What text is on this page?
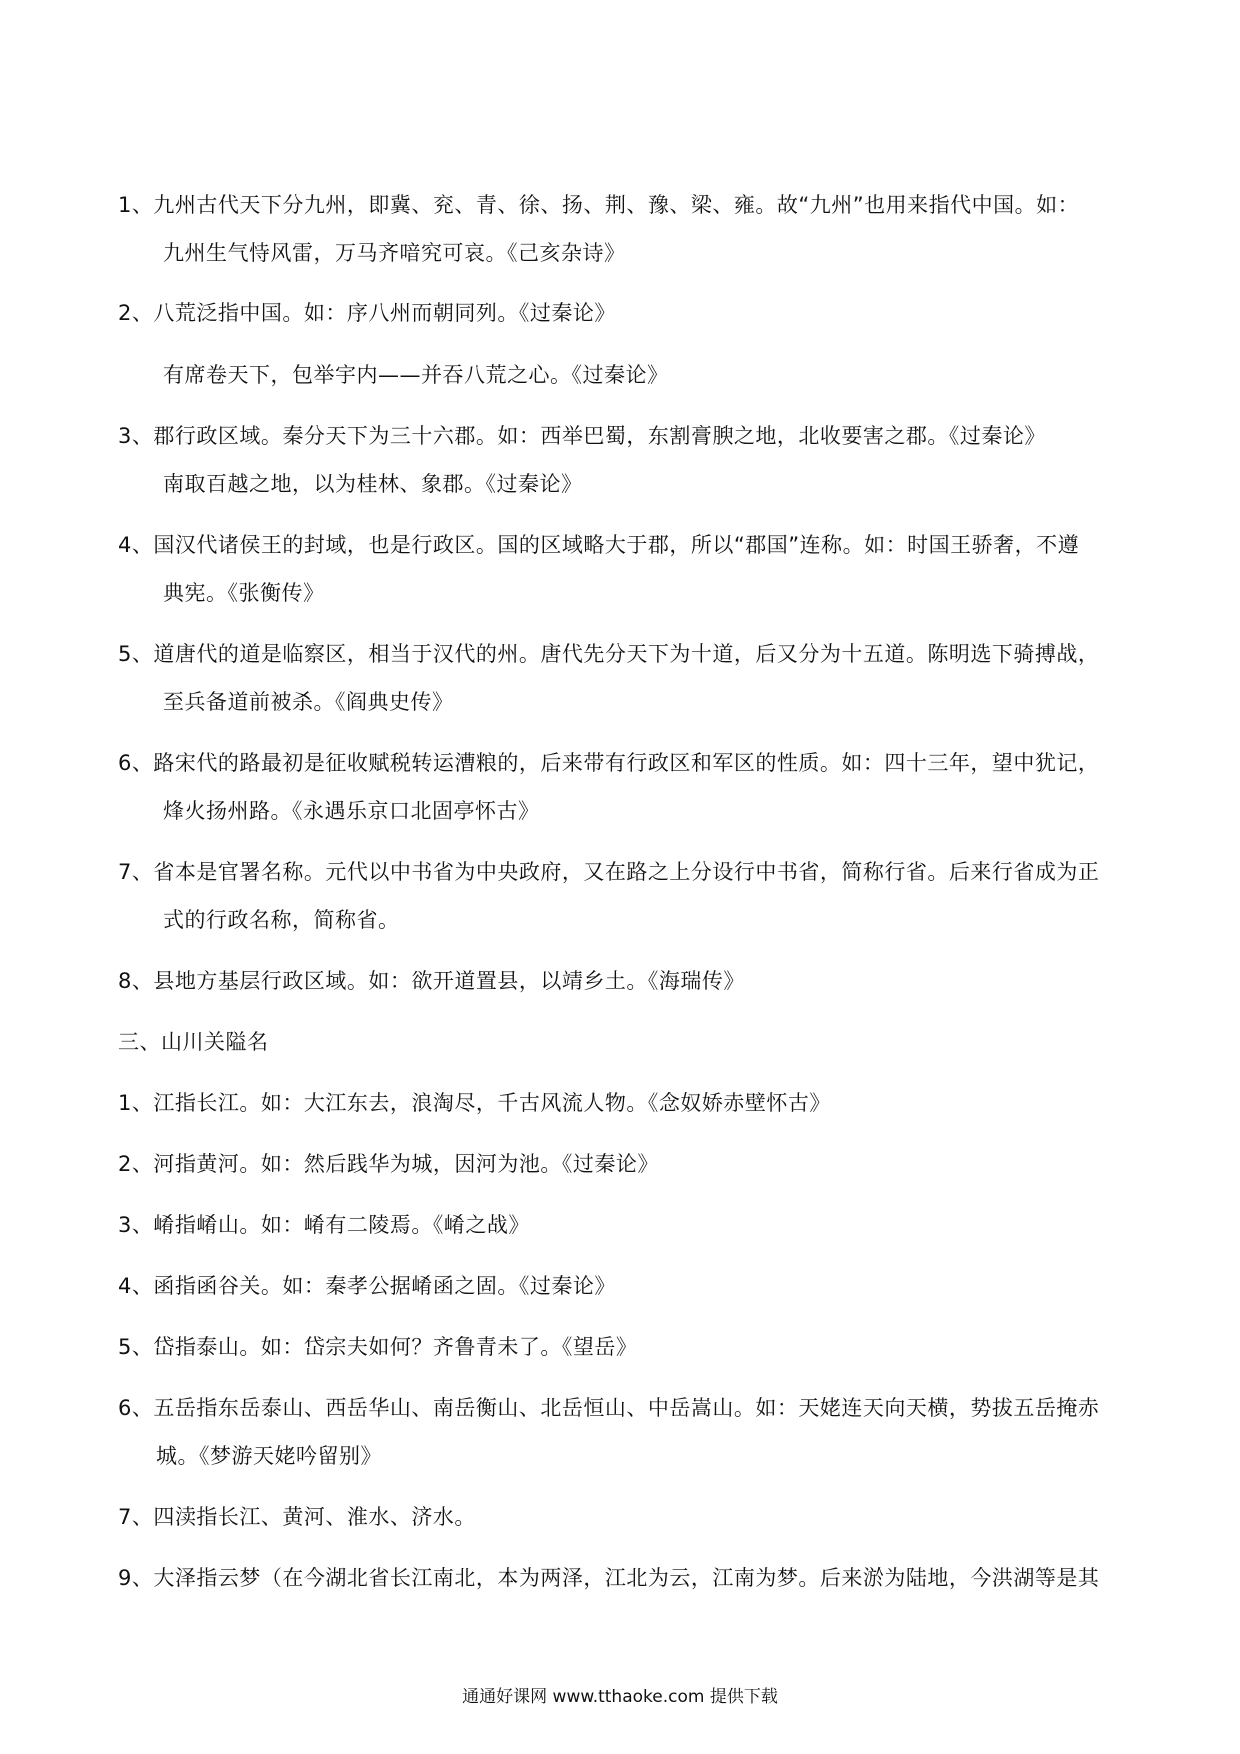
1、九州古代天下分九州，即冀、兖、青、徐、扬、荆、豫、梁、雍。故“九州”也用来指代中国。如：
九州生气恃风雷，万马齐喑究可哀。《己亥杂诗》
2、八荒泛指中国。如：序八州而朝同列。《过秦论》
有席卷天下，包举宇内——并吞八荒之心。《过秦论》
3、郡行政区域。秦分天下为三十六郡。如：西举巴蜀，东割膏腴之地，北收要害之郡。《过秦论》
南取百越之地，以为桂林、象郡。《过秦论》
4、国汉代诸侯王的封域，也是行政区。国的区域略大于郡，所以“郡国”连称。如：时国王骄奢，不遵
典宪。《张衡传》
5、道唐代的道是临察区，相当于汉代的州。唐代先分天下为十道，后又分为十五道。陈明选下骑搏战，
至兵备道前被杀。《阎典史传》
6、路宋代的路最初是征收赋税转运漕粮的，后来带有行政区和军区的性质。如：四十三年，望中犹记，
烽火扬州路。《永遇乐京口北固亭怀古》
7、省本是官署名称。元代以中书省为中央政府，又在路之上分设行中书省，简称行省。后来行省成为正
式的行政名称，简称省。
8、县地方基层行政区域。如：欲开道置县，以靖乡土。《海瑞传》
三、山川关隘名
1、江指长江。如：大江东去，浪淘尽，千古风流人物。《念奴娇赤壁怀古》
2、河指黄河。如：然后践华为城，因河为池。《过秦论》
3、崤指崤山。如：崤有二陵焉。《崤之战》
4、函指函谷关。如：秦孝公据崤函之固。《过秦论》
5、岱指泰山。如：岱宗夫如何？齐鲁青未了。《望岳》
6、五岳指东岳泰山、西岳华山、南岳衡山、北岳恒山、中岳嵩山。如：天姥连天向天横，势拔五岳掩赤
城。《梦游天姥吟留别》
7、四渎指长江、黄河、淮水、济水。
9、大泽指云梦（在今湖北省长江南北，本为两泽，江北为云，江南为梦。后来淤为陆地，今洪湖等是其
通通好课网 www.tthaoke.com 提供下载
